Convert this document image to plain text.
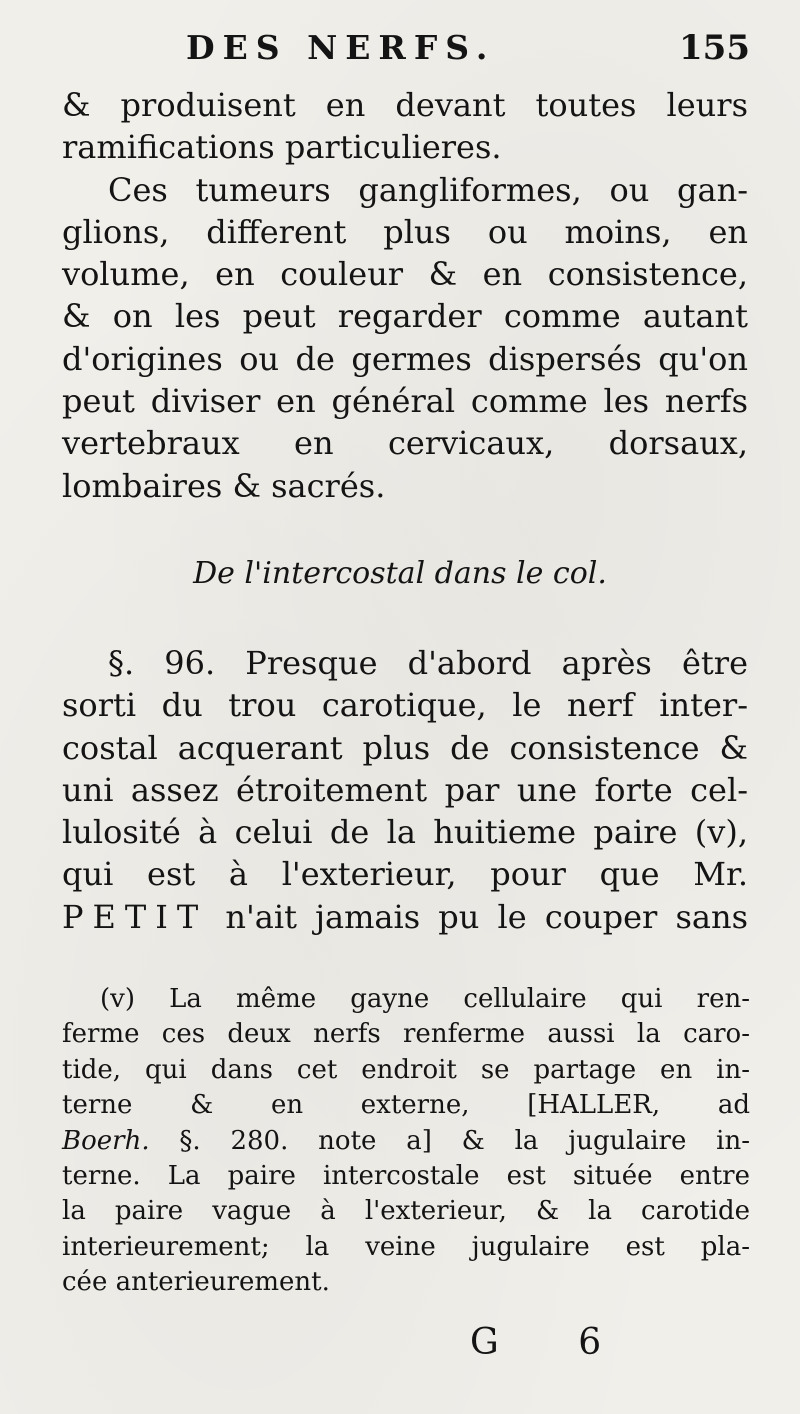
DES NERFS.	155
& produisent en devant toutes leurs
ramifications particulieres.
Ces tumeurs gangliformes, ou gan-
glions, different plus ou moins, en
volume, en couleur & en consistence,
& on les peut regarder comme autant
d'origines ou de germes dispersés qu'on
peut diviser en général comme les nerfs
vertebraux en cervicaux, dorsaux,
lombaires & sacrés.
De l'intercostal dans le col.
§. 96. Presque d'abord après être
sorti du trou carotique, le nerf inter-
costal acquerant plus de consistence &
uni assez étroitement par une forte cel-
lulosité à celui de la huitieme paire (v),
qui est à l'exterieur, pour que Mr.
PETIT n'ait jamais pu le couper sans
(v) La même gayne cellulaire qui ren-
ferme ces deux nerfs renferme aussi la caro-
tide, qui dans cet endroit se partage en in-
terne & en externe, [HALLER, ad
Boerh. §. 280. note a] & la jugulaire in-
terne. La paire intercostale est située entre
la paire vague à l'exterieur, & la carotide
interieurement; la veine jugulaire est pla-
cée anterieurement.
G 6
